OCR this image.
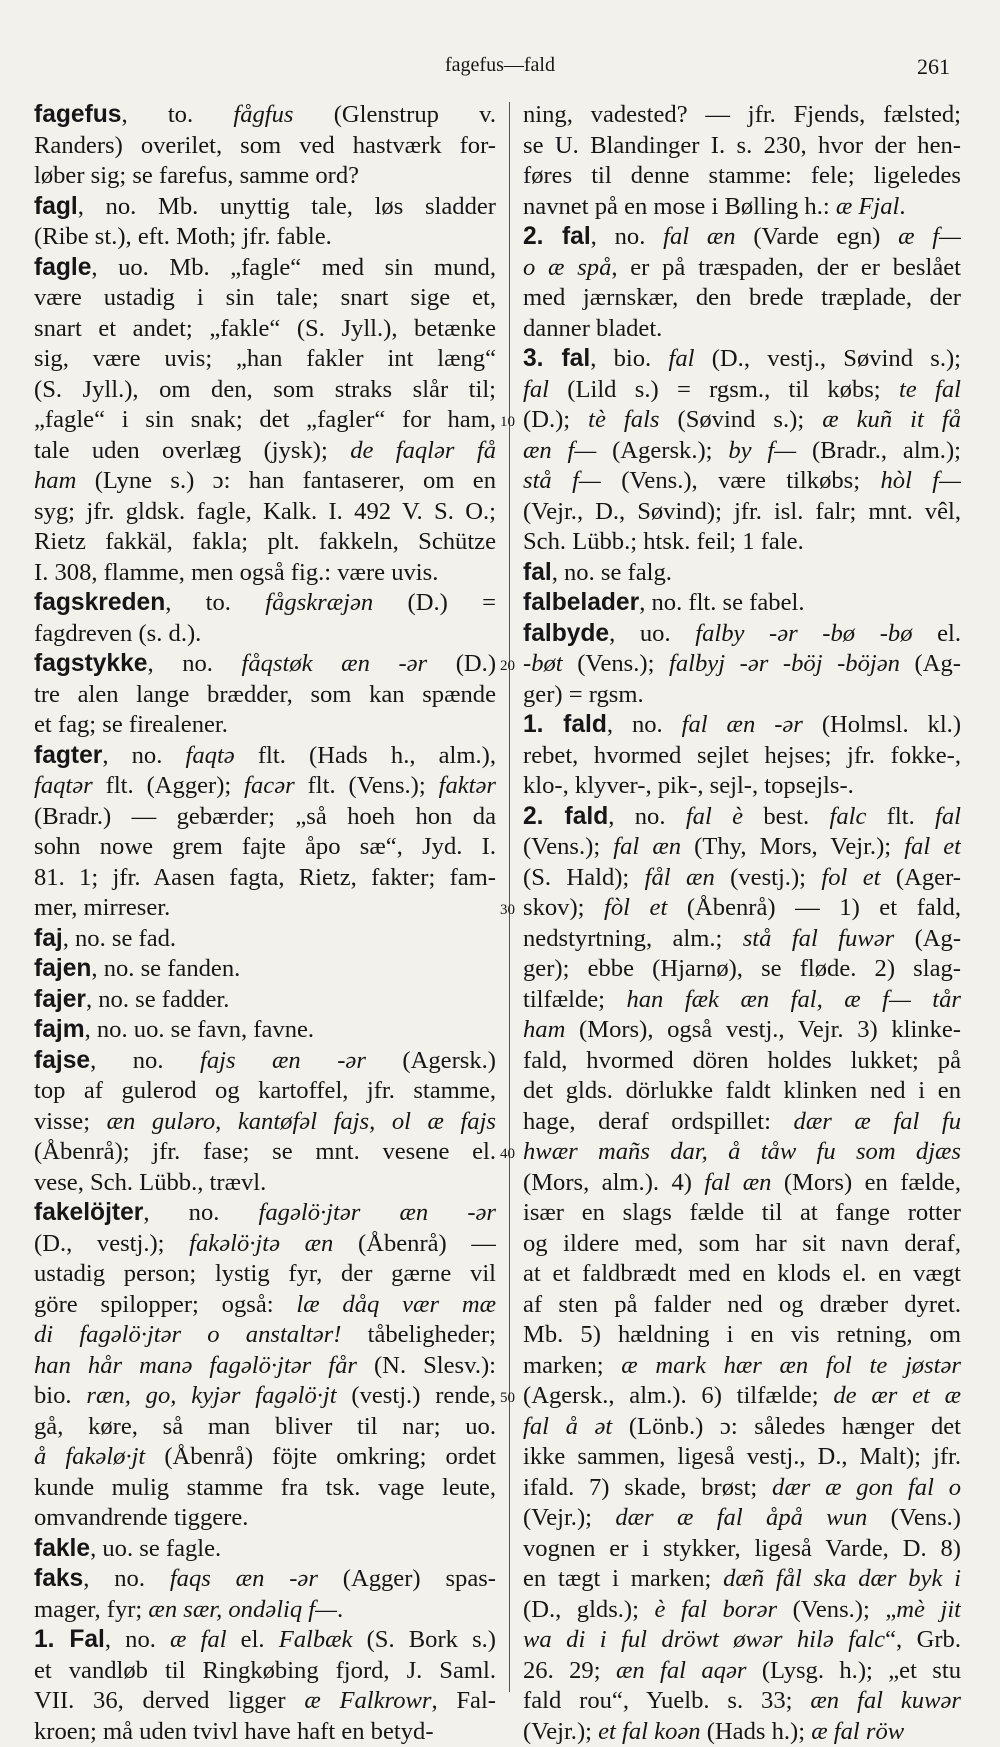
fagefus—fald	261
fagefus, to. fågfus (Glenstrup v.
Randers) overilet, som ved hastværk for-
løber sig; se farefus, samme ord?
fagl, no. Mb. unyttig tale, løs sladder
(Ribe st.), eft. Moth; jfr. fable.
fagle, uo. Mb. „fagle“ med sin mund,
være ustadig i sin tale; snart sige et,
snart et andet; „fakle“ (S. Jyll.), betænke
sig, være uvis; „han fakler int læng“
(S. Jyll.), om den, som straks slår til;
„fagle“ i sin snak; det „fagler“ for ham,
tale uden overlæg (jysk); de faqlər få
ham (Lyne s.) ɔ: han fantaserer, om en
syg; jfr. gldsk. fagle, Kalk. I. 492 V. S. O.;
Rietz fakkäl, fakla; plt. fakkeln, Schütze
I. 308, flamme, men også fig.: være uvis.
fagskreden, to. fågskræjən (D.) =
fagdreven (s. d.).
fagstykke, no. fåqstøk æn -ər (D.)
tre alen lange brædder, som kan spænde
et fag; se firealener.
fagter, no. faqtə flt. (Hads h., alm.),
faqtər flt. (Agger); facər flt. (Vens.); faktər
(Bradr.) — gebærder; „så hoeh hon da
sohn nowe grem fajte åpo sæ“, Jyd. I.
81. 1; jfr. Aasen fagta, Rietz, fakter; fam-
mer, mirreser.
faj, no. se fad.
fajen, no. se fanden.
fajer, no. se fadder.
fajm, no. uo. se favn, favne.
fajse, no. fajs æn -ər (Agersk.)
top af gulerod og kartoffel, jfr. stamme,
visse; æn guləro, kantøfəl fajs, ol æ fajs
(Åbenrå); jfr. fase; se mnt. vesene el.
vese, Sch. Lübb., trævl.
fakelöjter, no. fagəlö·jtər æn -ər
(D., vestj.); fakəlö·jtə æn (Åbenrå) —
ustadig person; lystig fyr, der gærne vil
göre spilopper; også: læ dåq vær mæ
di fagəlö·jtər o anstaltər! tåbeligheder;
han hår manə fagəlö·jtər får (N. Slesv.):
bio. ræn, go, kyjər fagəlö·jt (vestj.) rende,
gå, køre, så man bliver til nar; uo.
å fakəlø·jt (Åbenrå) föjte omkring; ordet
kunde mulig stamme fra tsk. vage leute,
omvandrende tiggere.
fakle, uo. se fagle.
faks, no. faqs æn -ər (Agger) spas-
mager, fyr; æn sær, ondəliq f—.
1. Fal, no. æ fal el. Falbæk (S. Bork s.)
et vandløb til Ringkøbing fjord, J. Saml.
VII. 36, derved ligger æ Falkrowr, Fal-
kroen; må uden tvivl have haft en betyd-
ning, vadested? — jfr. Fjends, fælsted;
se U. Blandinger I. s. 230, hvor der hen-
føres til denne stamme: fele; ligeledes
navnet på en mose i Bølling h.: æ Fjal.
2. fal, no. fal æn (Varde egn) æ f—
o æ spå, er på træspaden, der er beslået
med jærnskær, den brede træplade, der
danner bladet.
3. fal, bio. fal (D., vestj., Søvind s.);
fal (Lild s.) = rgsm., til købs; te fal
(D.); tè fals (Søvind s.); æ kuñ it få
æn f— (Agersk.); by f— (Bradr., alm.);
stå f— (Vens.), være tilkøbs; hòl f—
(Vejr., D., Søvind); jfr. isl. falr; mnt. vêl,
Sch. Lübb.; htsk. feil; 1 fale.
fal, no. se falg.
falbelader, no. flt. se fabel.
falbyde, uo. falby -ər -bø -bø el.
-bøt (Vens.); falbyj -ər -böj -böjən (Ag-
ger) = rgsm.
1. fald, no. fal æn -ər (Holmsl. kl.)
rebet, hvormed sejlet hejses; jfr. fokke-,
klo-, klyver-, pik-, sejl-, topsejls-.
2. fald, no. fal è best. falc flt. fal
(Vens.); fal æn (Thy, Mors, Vejr.); fal et
(S. Hald); fål æn (vestj.); fol et (Ager-
skov); fòl et (Åbenrå) — 1) et fald,
nedstyrtning, alm.; stå fal fuwər (Ag-
ger); ebbe (Hjarnø), se fløde. 2) slag-
tilfælde; han fæk æn fal, æ f— tår
ham (Mors), også vestj., Vejr. 3) klinke-
fald, hvormed dören holdes lukket; på
det glds. dörlukke faldt klinken ned i en
hage, deraf ordspillet: dær æ fal fu
hwær mañs dar, å tåw fu som djæs
(Mors, alm.). 4) fal æn (Mors) en fælde,
især en slags fælde til at fange rotter
og ildere med, som har sit navn deraf,
at et faldbrædt med en klods el. en vægt
af sten på falder ned og dræber dyret.
Mb. 5) hældning i en vis retning, om
marken; æ mark hær æn fol te jøstər
(Agersk., alm.). 6) tilfælde; de ær et æ
fal å ət (Lönb.) ɔ: således hænger det
ikke sammen, ligeså vestj., D., Malt); jfr.
ifald. 7) skade, brøst; dær æ gon fal o
(Vejr.); dær æ fal åpå wun (Vens.)
vognen er i stykker, ligeså Varde, D. 8)
en tægt i marken; dæñ fål ska dær byk i
(D., glds.); è fal borər (Vens.); „mè jit
wa di i ful dröwt øwər hilə falc“, Grb.
26. 29; æn fal aqər (Lysg. h.); „et stu
fald rou“, Yuelb. s. 33; æn fal kuwər
(Vejr.); et fal koən (Hads h.); æ fal röw
10
20
30
40
50
